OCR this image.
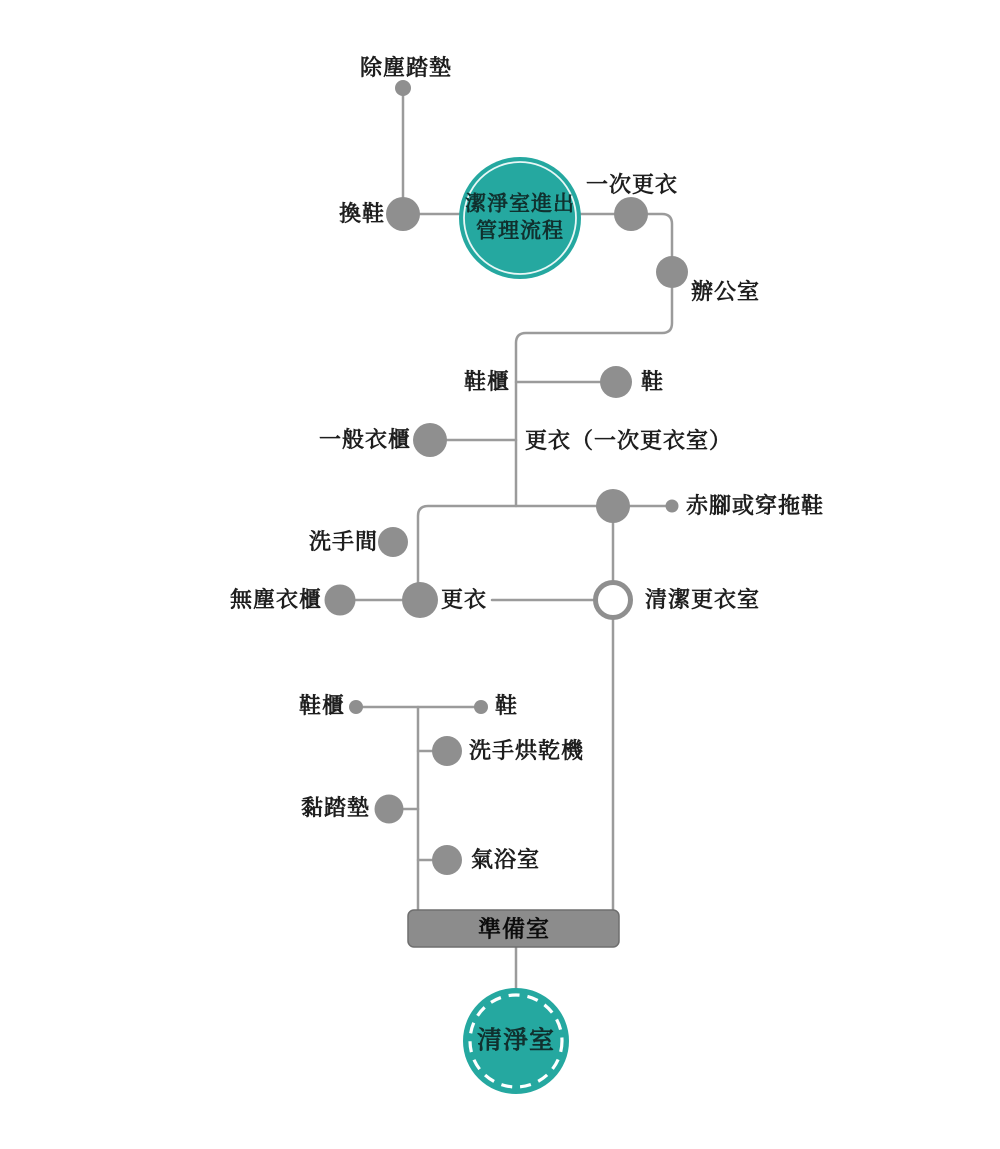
除塵踏墊
換鞋	潔淨室進出
管理流程
一次更衣
辦公室
鞋櫃	鞋
一般衣櫃	更衣（一次更衣室）
赤腳或穿拖鞋
洗手間
無塵衣櫃	更衣	清潔更衣室
鞋櫃	鞋
洗手烘乾機
黏踏墊
氣浴室
準備室
清淨室
